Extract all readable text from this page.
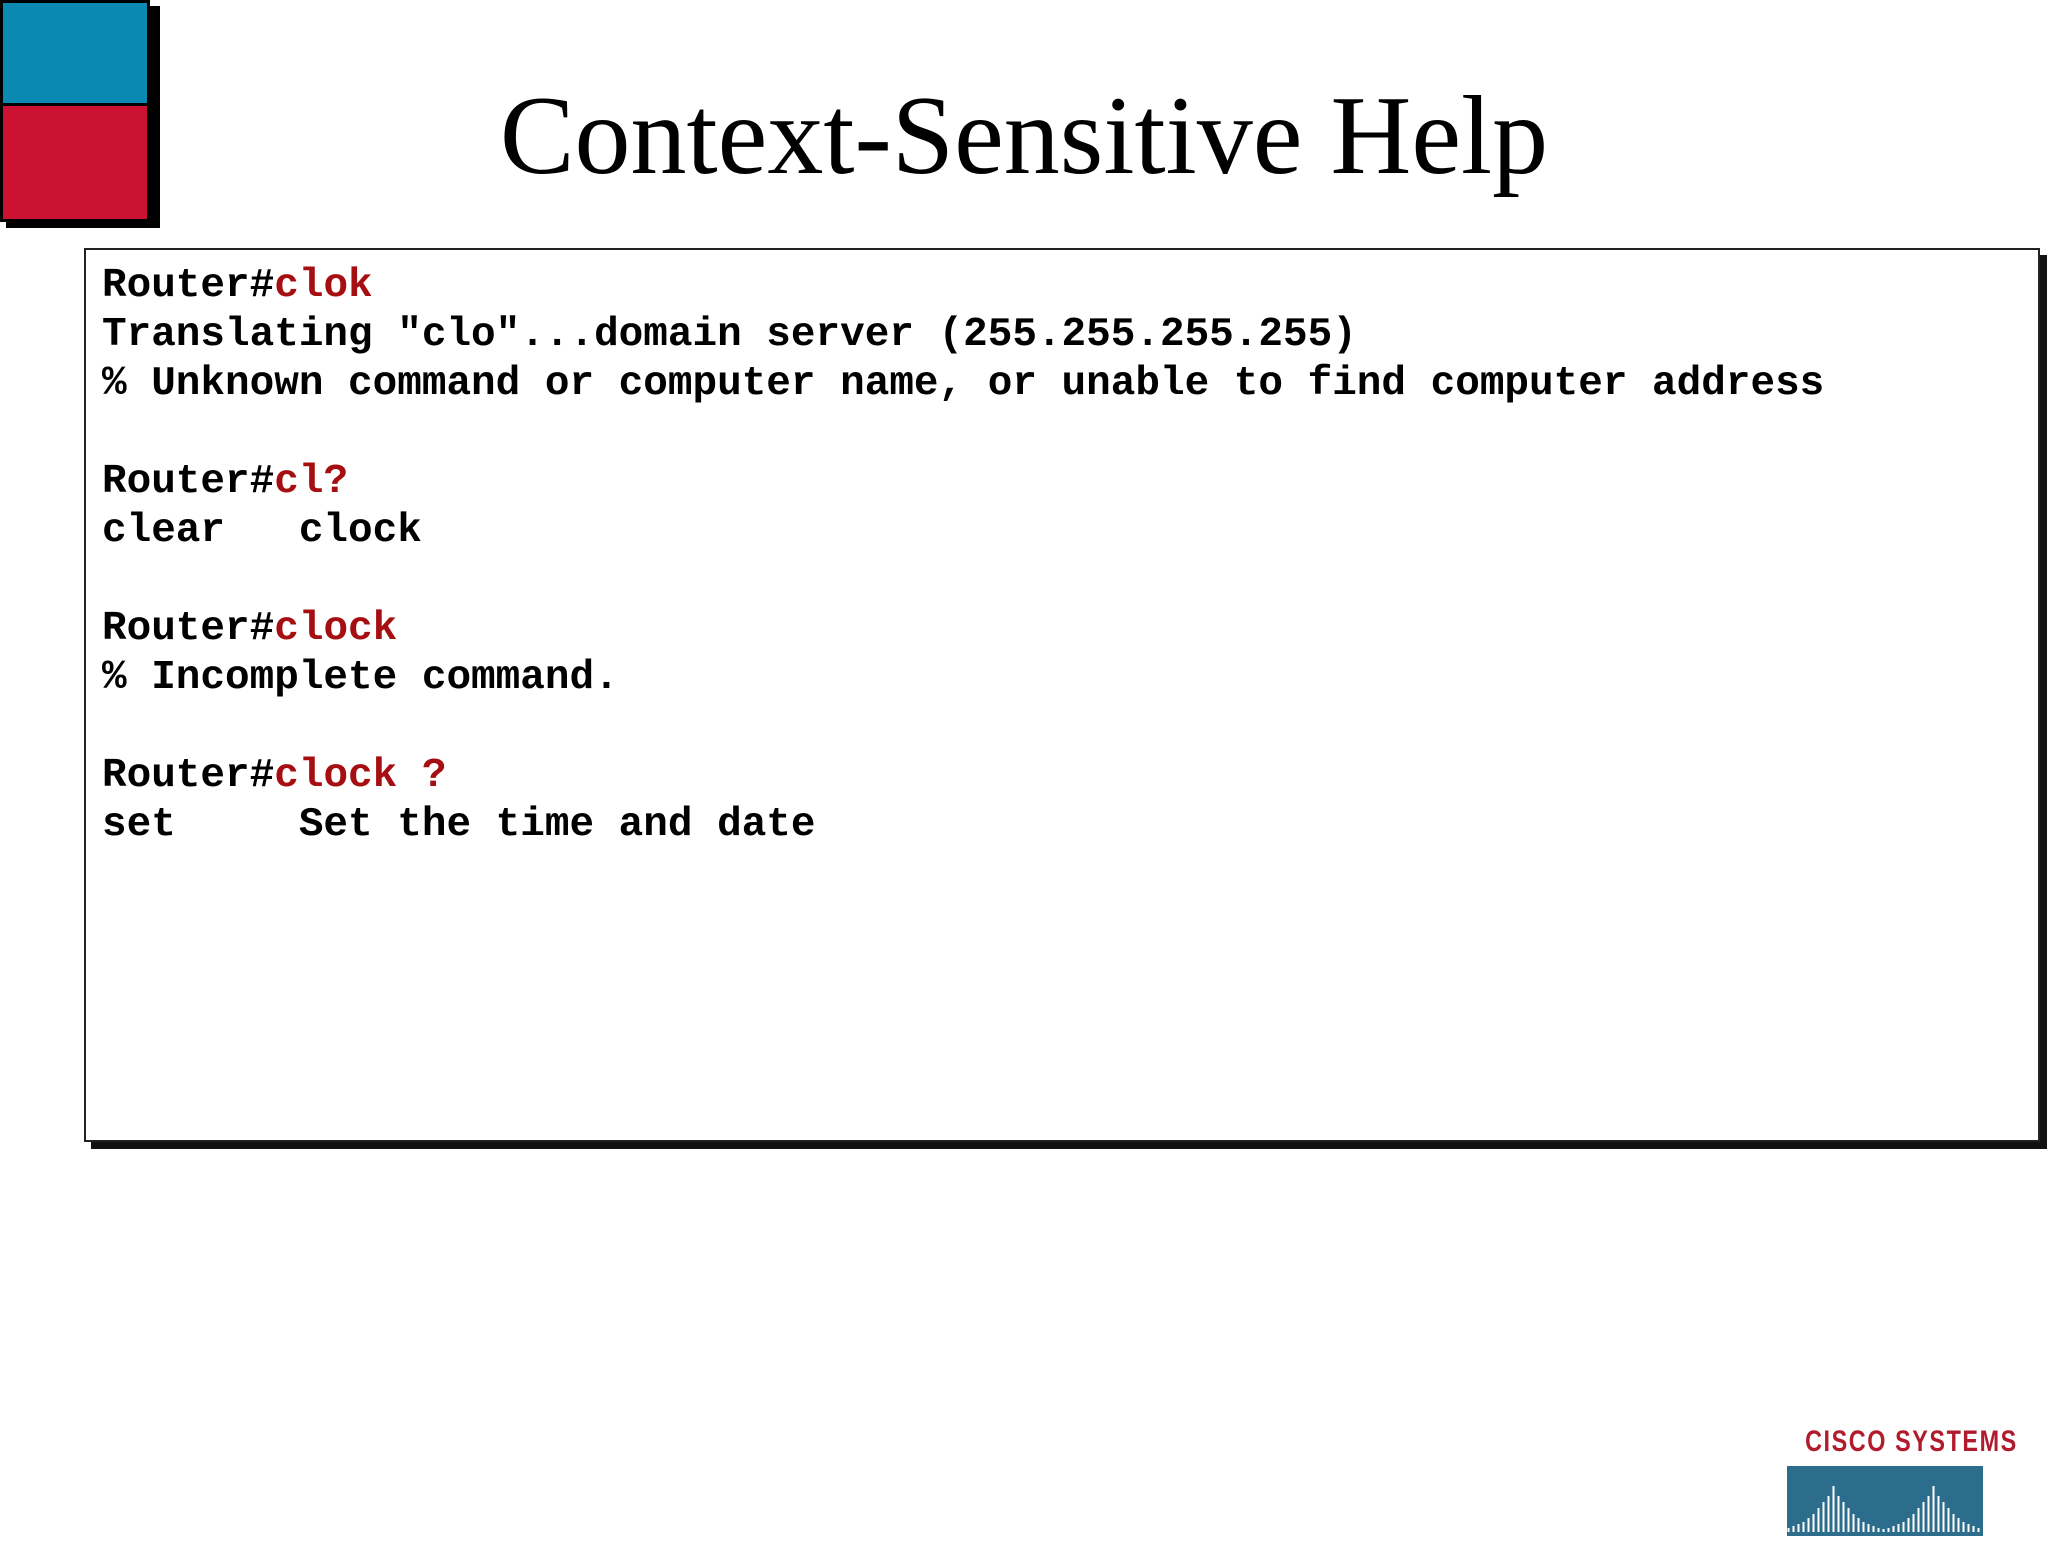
Context-Sensitive Help
Router#clok
Translating "clo"...domain server (255.255.255.255)
% Unknown command or computer name, or unable to find computer address
Router#cl?
clear   clock
Router#clock
% Incomplete command.
Router#clock ?
set     Set the time and date
CISCO SYSTEMS
